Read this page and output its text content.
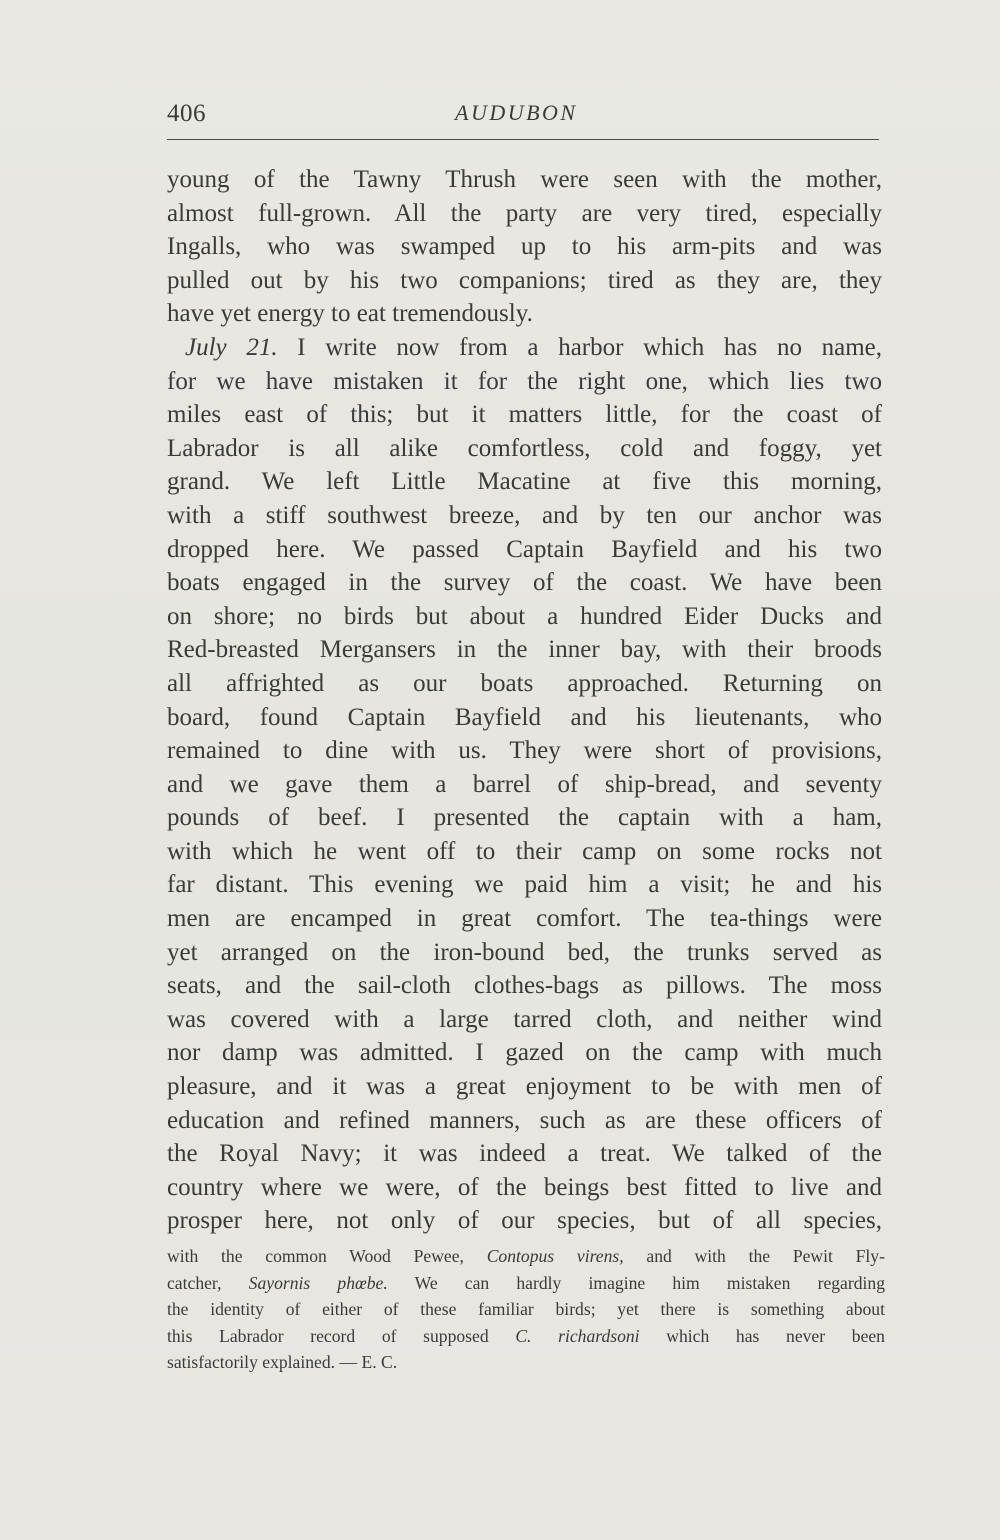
406	AUDUBON
young of the Tawny Thrush were seen with the mother,
almost full-grown. All the party are very tired, especially
Ingalls, who was swamped up to his arm-pits and was
pulled out by his two companions; tired as they are, they
have yet energy to eat tremendously.
July 21. I write now from a harbor which has no name,
for we have mistaken it for the right one, which lies two
miles east of this; but it matters little, for the coast of
Labrador is all alike comfortless, cold and foggy, yet
grand. We left Little Macatine at five this morning,
with a stiff southwest breeze, and by ten our anchor was
dropped here. We passed Captain Bayfield and his two
boats engaged in the survey of the coast. We have been
on shore; no birds but about a hundred Eider Ducks and
Red-breasted Mergansers in the inner bay, with their broods
all affrighted as our boats approached. Returning on
board, found Captain Bayfield and his lieutenants, who
remained to dine with us. They were short of provisions,
and we gave them a barrel of ship-bread, and seventy
pounds of beef. I presented the captain with a ham,
with which he went off to their camp on some rocks not
far distant. This evening we paid him a visit; he and his
men are encamped in great comfort. The tea-things were
yet arranged on the iron-bound bed, the trunks served as
seats, and the sail-cloth clothes-bags as pillows. The moss
was covered with a large tarred cloth, and neither wind
nor damp was admitted. I gazed on the camp with much
pleasure, and it was a great enjoyment to be with men of
education and refined manners, such as are these officers of
the Royal Navy; it was indeed a treat. We talked of the
country where we were, of the beings best fitted to live and
prosper here, not only of our species, but of all species,
with the common Wood Pewee, Contopus virens, and with the Pewit Fly-
catcher, Sayornis phœbe. We can hardly imagine him mistaken regarding
the identity of either of these familiar birds; yet there is something about
this Labrador record of supposed C. richardsoni which has never been
satisfactorily explained. — E. C.
